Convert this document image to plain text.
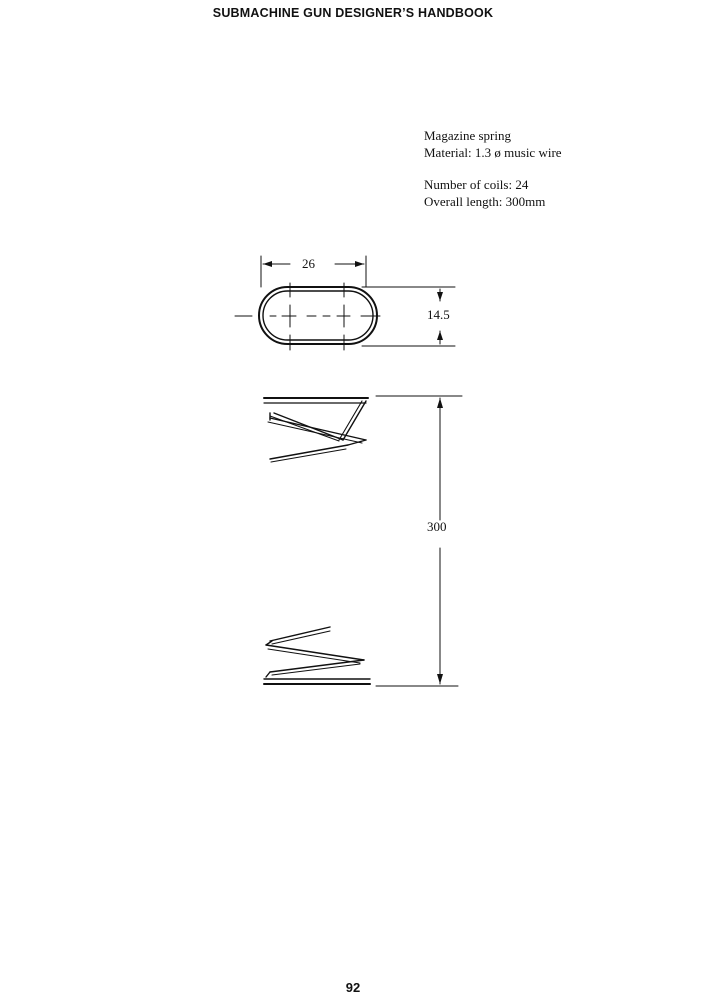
SUBMACHINE GUN DESIGNER’S HANDBOOK
Magazine spring
Material: 1.3 ø music wire
Number of coils: 24
Overall length: 300mm
26
14.5
300
92
